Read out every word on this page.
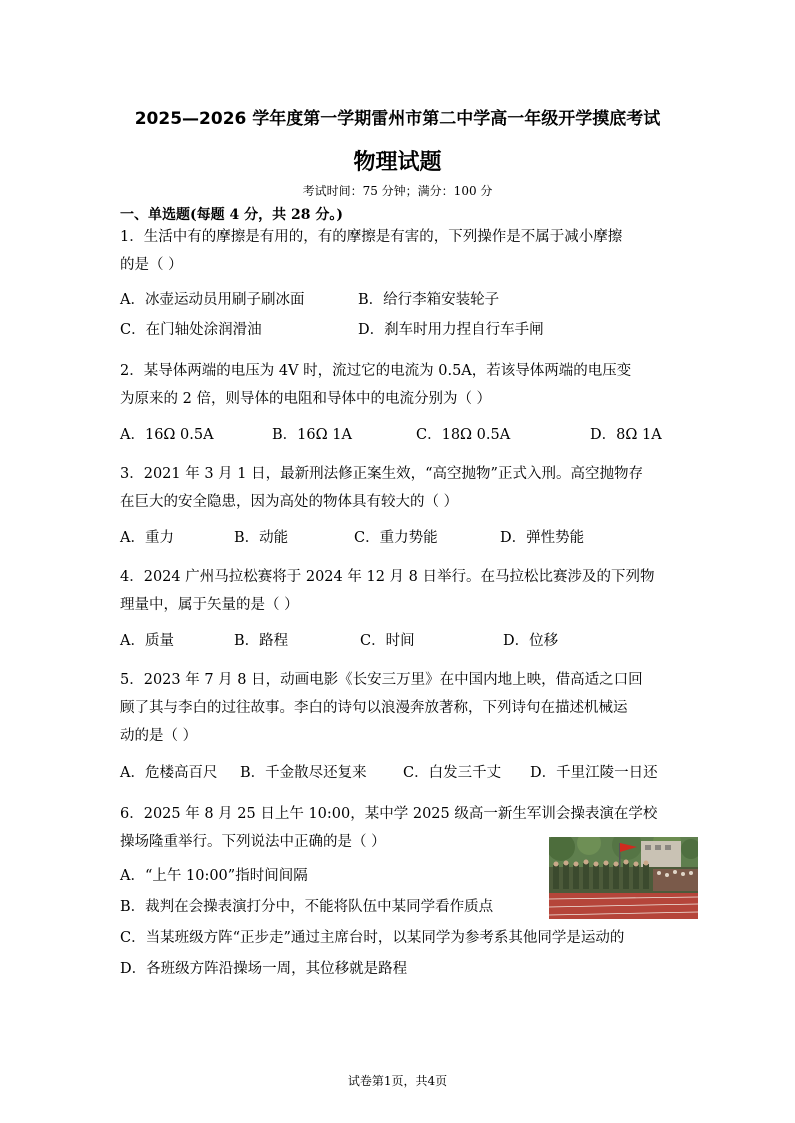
2025—2026 学年度第一学期雷州市第二中学高一年级开学摸底考试
物理试题
考试时间：75 分钟；满分：100 分
一、单选题(每题 4 分，共 28 分。)
1．生活中有的摩擦是有用的，有的摩擦是有害的，下列操作是不属于减小摩擦
的是（ ）
A．冰壶运动员用刷子刷冰面	B．给行李箱安装轮子
C．在门轴处涂润滑油	D．刹车时用力捏自行车手闸
2．某导体两端的电压为 4V 时，流过它的电流为 0.5A，若该导体两端的电压变
为原来的 2 倍，则导体的电阻和导体中的电流分别为（ ）
A．16Ω 0.5A	B．16Ω 1A	C．18Ω 0.5A	D．8Ω 1A
3．2021 年 3 月 1 日，最新刑法修正案生效，“高空抛物”正式入刑。高空抛物存
在巨大的安全隐患，因为高处的物体具有较大的（ ）
A．重力	B．动能	C．重力势能	D．弹性势能
4．2024 广州马拉松赛将于 2024 年 12 月 8 日举行。在马拉松比赛涉及的下列物
理量中，属于矢量的是（ ）
A．质量	B．路程	C．时间	D．位移
5．2023 年 7 月 8 日，动画电影《长安三万里》在中国内地上映，借高适之口回
顾了其与李白的过往故事。李白的诗句以浪漫奔放著称，下列诗句在描述机械运
动的是（ ）
A．危楼高百尺 B．千金散尽还复来	C．白发三千丈 D．千里江陵一日还
6．2025 年 8 月 25 日上午 10:00，某中学 2025 级高一新生军训会操表演在学校
操场隆重举行。下列说法中正确的是（ ）
A．“上午 10:00”指时间间隔
B．裁判在会操表演打分中，不能将队伍中某同学看作质点
C．当某班级方阵“正步走”通过主席台时，以某同学为参考系其他同学是运动的
D．各班级方阵沿操场一周，其位移就是路程
试卷第1页，共4页
